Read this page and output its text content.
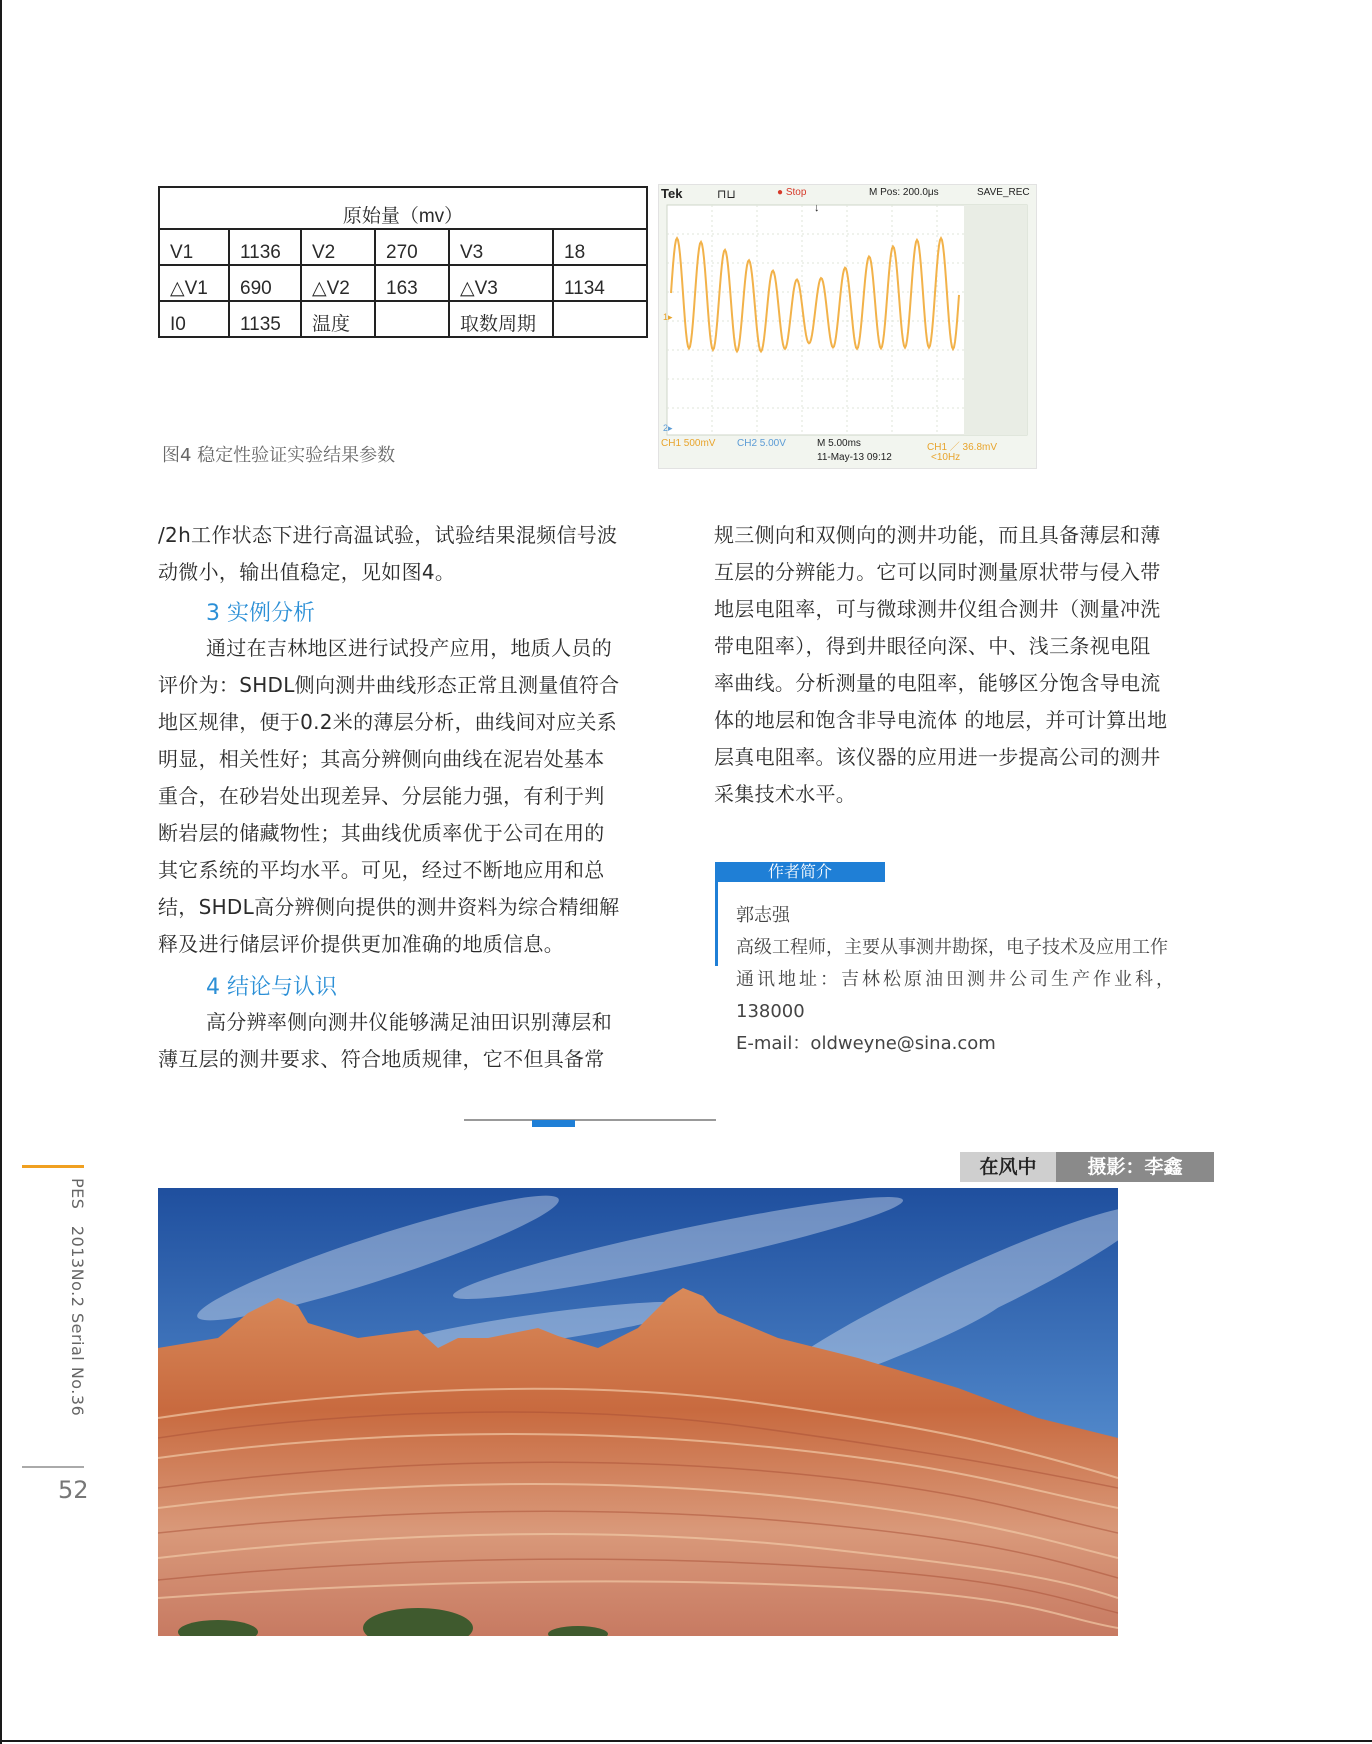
原始量（mv）					
V1	1136	V2	270	V3	18
△V1	690	△V2	163	△V3	1134
I0	1135	温度		取数周期	
图4 稳定性验证实验结果参数
1▸
2▸
↓
Tek	⊓⊔	● Stop	M Pos: 200.0μs	SAVE_REC
CH1 500mV CH2 5.00V	M 5.00ms
11-May-13 09:12
CH1 ／ 36.8mV
<10Hz
/2h工作状态下进行高温试验，试验结果混频信号波
动微小，输出值稳定，见如图4。
3 实例分析
通过在吉林地区进行试投产应用，地质人员的
评价为：SHDL侧向测井曲线形态正常且测量值符合
地区规律，便于0.2米的薄层分析，曲线间对应关系
明显，相关性好；其高分辨侧向曲线在泥岩处基本
重合，在砂岩处出现差异、分层能力强，有利于判
断岩层的储藏物性；其曲线优质率优于公司在用的
其它系统的平均水平。可见，经过不断地应用和总
结，SHDL高分辨侧向提供的测井资料为综合精细解
释及进行储层评价提供更加准确的地质信息。
4 结论与认识
高分辨率侧向测井仪能够满足油田识别薄层和
薄互层的测井要求、符合地质规律，它不但具备常
规三侧向和双侧向的测井功能，而且具备薄层和薄
互层的分辨能力。它可以同时测量原状带与侵入带
地层电阻率，可与微球测井仪组合测井（测量冲洗
带电阻率），得到井眼径向深、中、浅三条视电阻
率曲线。分析测量的电阻率，能够区分饱含导电流
体的地层和饱含非导电流体 的地层，并可计算出地
层真电阻率。该仪器的应用进一步提高公司的测井
采集技术水平。
作者简介
郭志强
高级工程师，主要从事测井勘探，电子技术及应用工作
通讯地址：吉林松原油田测井公司生产作业科，
138000
E-mail：oldweyne@sina.com
在风中	摄影：李鑫
PES　2013No.2 Serial No.36
52
